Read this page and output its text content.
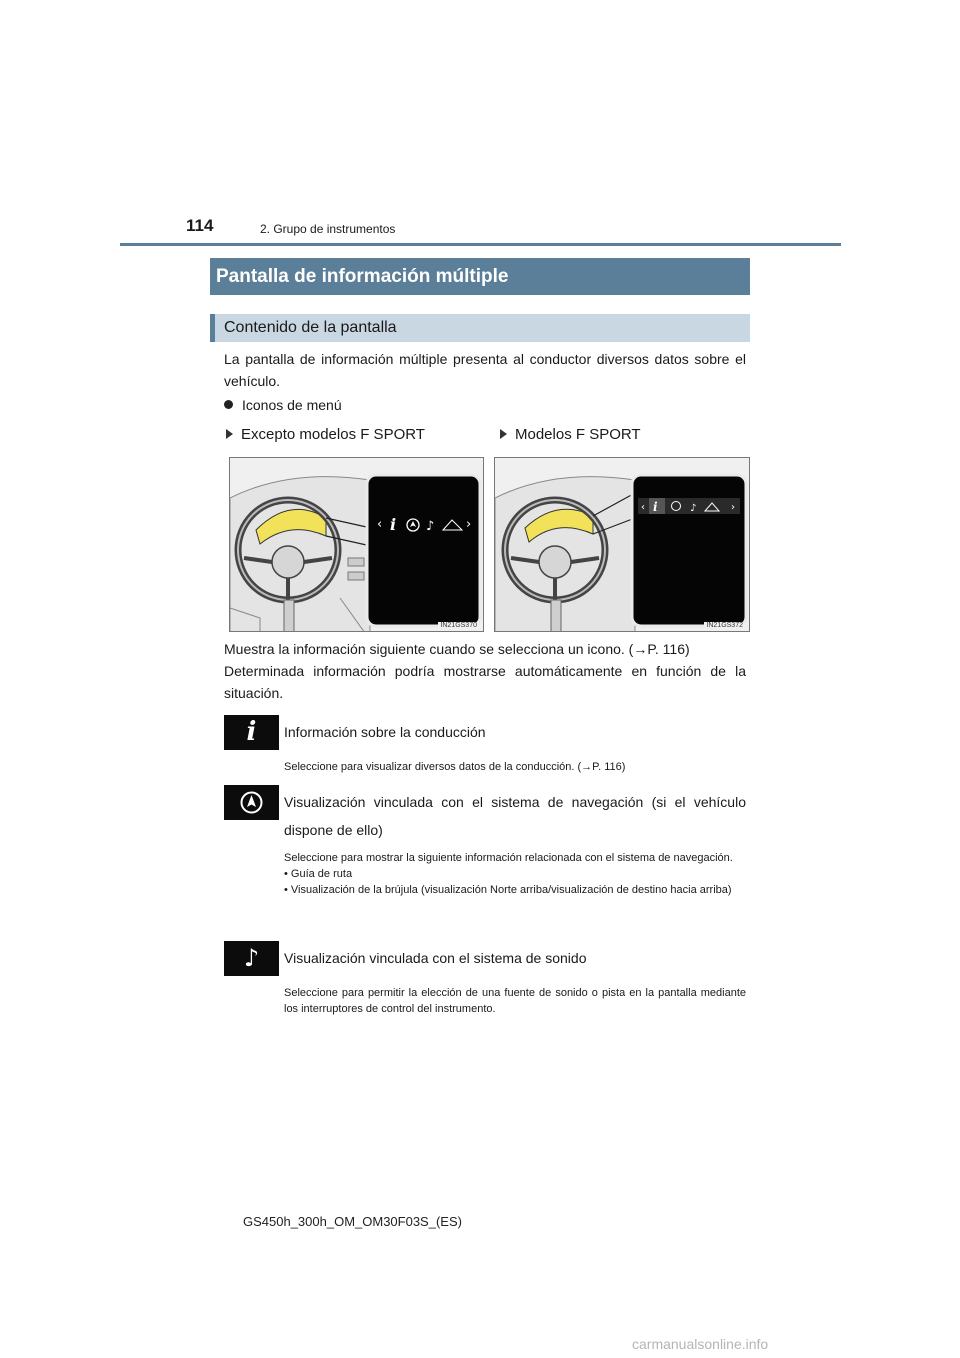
114	2. Grupo de instrumentos
Pantalla de información múltiple
Contenido de la pantalla
La pantalla de información múltiple presenta al conductor diversos datos sobre el vehículo.
Iconos de menú
Excepto modelos F SPORT	Modelos F SPORT
‹ i ♪ ›
IN21GS370
‹ i	♪	›
IN21GS372
Muestra la información siguiente cuando se selecciona un icono. (→P. 116)
Determinada información podría mostrarse automáticamente en función de la situación.
i	Información sobre la conducción
Seleccione para visualizar diversos datos de la conducción. (→P. 116)
Visualización vinculada con el sistema de navegación (si el vehículo dispone de ello)
Seleccione para mostrar la siguiente información relacionada con el sistema de navegación.
• Guía de ruta
• Visualización de la brújula (visualización Norte arriba/visualización de destino hacia arriba)
♪	Visualización vinculada con el sistema de sonido
Seleccione para permitir la elección de una fuente de sonido o pista en la pantalla mediante los interruptores de control del instrumento.
GS450h_300h_OM_OM30F03S_(ES)
carmanualsonline.info
